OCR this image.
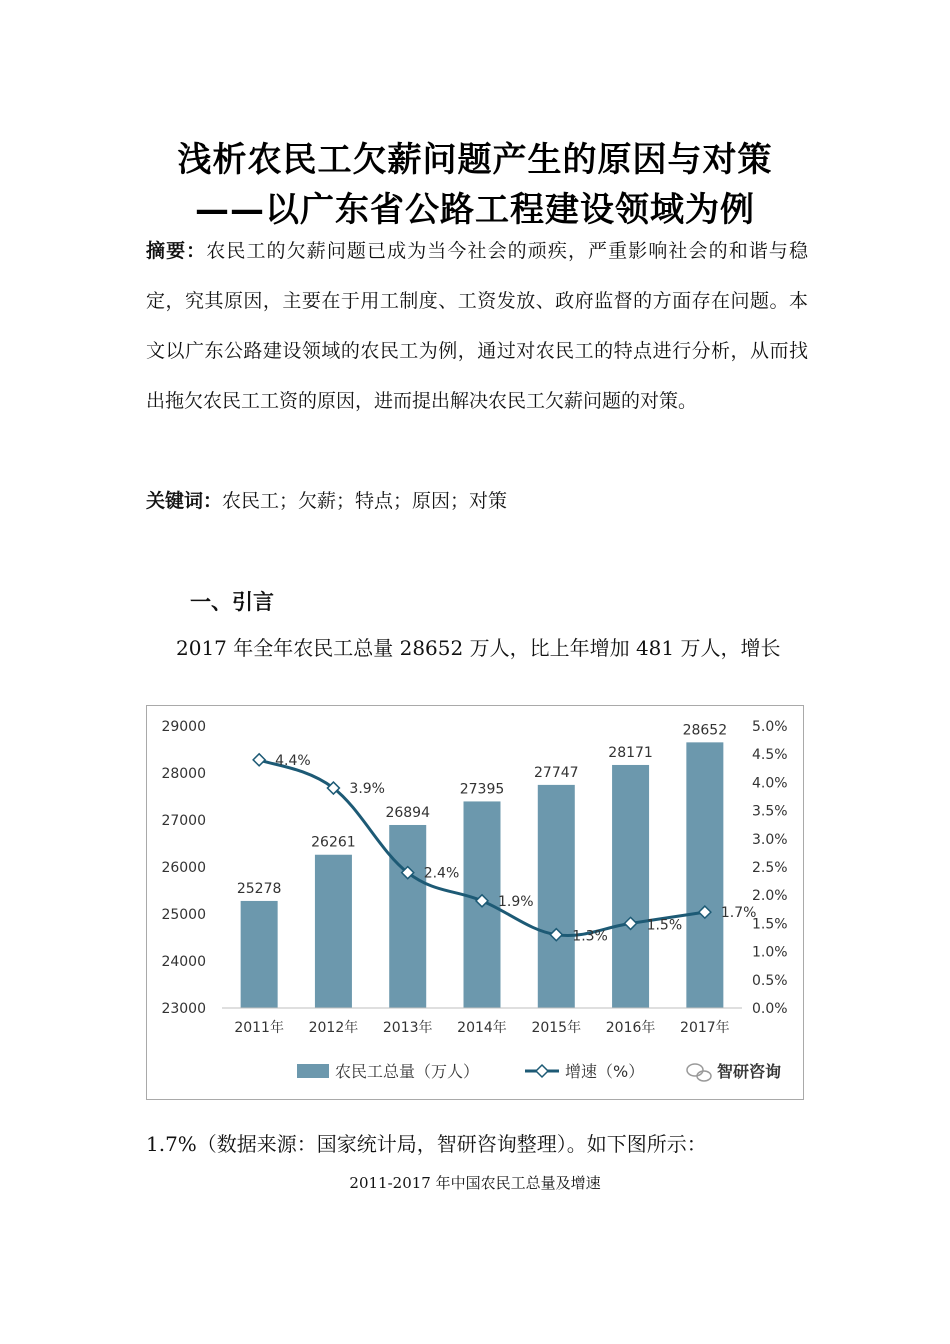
浅析农民工欠薪问题产生的原因与对策
——以广东省公路工程建设领域为例
摘要：农民工的欠薪问题已成为当今社会的顽疾，严重影响社会的和谐与稳定，究其原因，主要在于用工制度、工资发放、政府监督的方面存在问题。本文以广东公路建设领域的农民工为例，通过对农民工的特点进行分析，从而找出拖欠农民工工资的原因，进而提出解决农民工欠薪问题的对策。
关键词：农民工；欠薪；特点；原因；对策
一、引言
2017 年全年农民工总量 28652 万人，比上年增加 481 万人，增长
25278
26261
26894
27395
27747
28171
28652
4.4%
3.9%
2.4%
1.9%
1.3%
1.5%
1.7%
23000
24000
25000
26000
27000
28000
29000
0.0%
0.5%
1.0%
1.5%
2.0%
2.5%
3.0%
3.5%
4.0%
4.5%
5.0%
2011年 2012年 2013年 2014年 2015年 2016年 2017年
农民工总量（万人）	增速（%）	智研咨询
1.7%（数据来源：国家统计局，智研咨询整理）。如下图所示：
2011-2017 年中国农民工总量及增速
